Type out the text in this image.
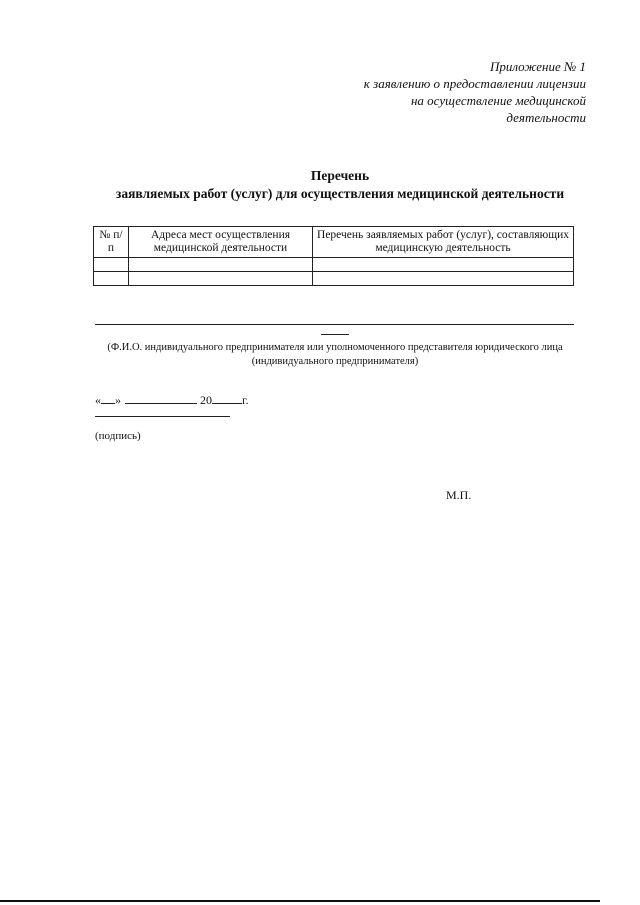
Приложение № 1
к заявлению о предоставлении лицензии
на осуществление медицинской
деятельности
Перечень
заявляемых работ (услуг) для осуществления медицинской деятельности
№ п/п	Адреса мест осуществления медицинской деятельности	Перечень заявляемых работ (услуг), составляющих медицинскую деятельность

(Ф.И.О. индивидуального предпринимателя или уполномоченного представителя юридического лица
(индивидуального предпринимателя)
« »	20	г.
(подпись)
М.П.
